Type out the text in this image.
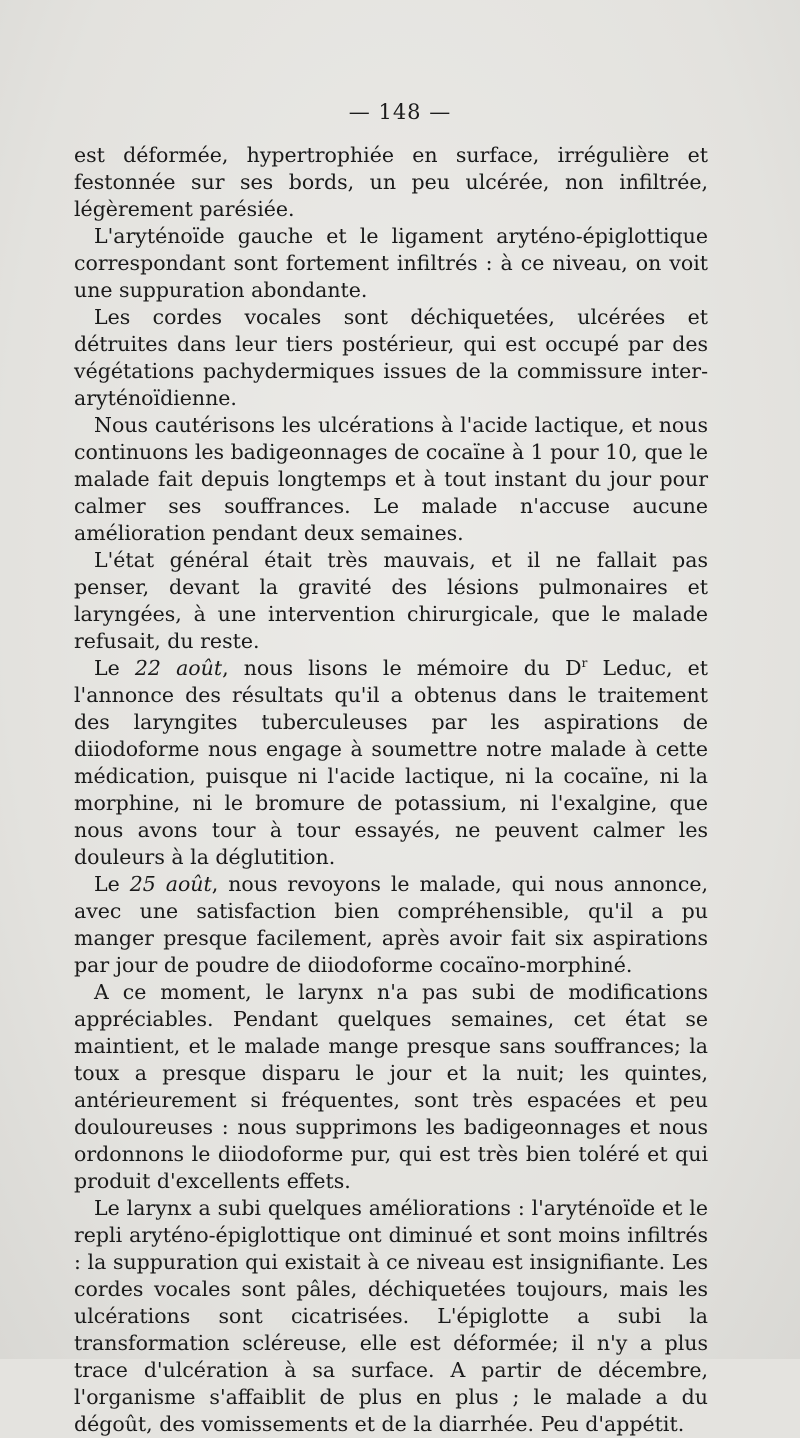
— 148 —

est déformée, hypertrophiée en surface, irrégulière et festonnée sur ses bords, un peu ulcérée, non infiltrée, légèrement parésiée.

L'aryténoïde gauche et le ligament aryténo-épiglottique correspondant sont fortement infiltrés : à ce niveau, on voit une suppuration abondante.

Les cordes vocales sont déchiquetées, ulcérées et détruites dans leur tiers postérieur, qui est occupé par des végétations pachydermiques issues de la commissure inter-aryténoïdienne.

Nous cautérisons les ulcérations à l'acide lactique, et nous continuons les badigeonnages de cocaïne à 1 pour 10, que le malade fait depuis longtemps et à tout instant du jour pour calmer ses souffrances. Le malade n'accuse aucune amélioration pendant deux semaines.

L'état général était très mauvais, et il ne fallait pas penser, devant la gravité des lésions pulmonaires et laryngées, à une intervention chirurgicale, que le malade refusait, du reste.

Le 22 août, nous lisons le mémoire du $D^r$ Leduc, et l'annonce des résultats qu'il a obtenus dans le traitement des laryngites tuberculeuses par les aspirations de diiodoforme nous engage à soumettre notre malade à cette médication, puisque ni l'acide lactique, ni la cocaïne, ni la morphine, ni le bromure de potassium, ni l'exalgine, que nous avons tour à tour essayés, ne peuvent calmer les douleurs à la déglutition.

Le 25 août, nous revoyons le malade, qui nous annonce, avec une satisfaction bien compréhensible, qu'il a pu manger presque facilement, après avoir fait six aspirations par jour de poudre de diiodoforme cocaïno-morphiné.

A ce moment, le larynx n'a pas subi de modifications appréciables. Pendant quelques semaines, cet état se maintient, et le malade mange presque sans souffrances; la toux a presque disparu le jour et la nuit; les quintes, antérieurement si fréquentes, sont très espacées et peu douloureuses : nous supprimons les badigeonnages et nous ordonnons le diiodoforme pur, qui est très bien toléré et qui produit d'excellents effets.

Le larynx a subi quelques améliorations : l'aryténoïde et le repli aryténo-épiglottique ont diminué et sont moins infiltrés : la suppuration qui existait à ce niveau est insignifiante. Les cordes vocales sont pâles, déchiquetées toujours, mais les ulcérations sont cicatrisées. L'épiglotte a subi la transformation scléreuse, elle est déformée; il n'y a plus trace d'ulcération à sa surface. A partir de décembre, l'organisme s'affaiblit de plus en plus ; le malade a du dégoût, des vomissements et de la diarrhée. Peu d'appétit.
